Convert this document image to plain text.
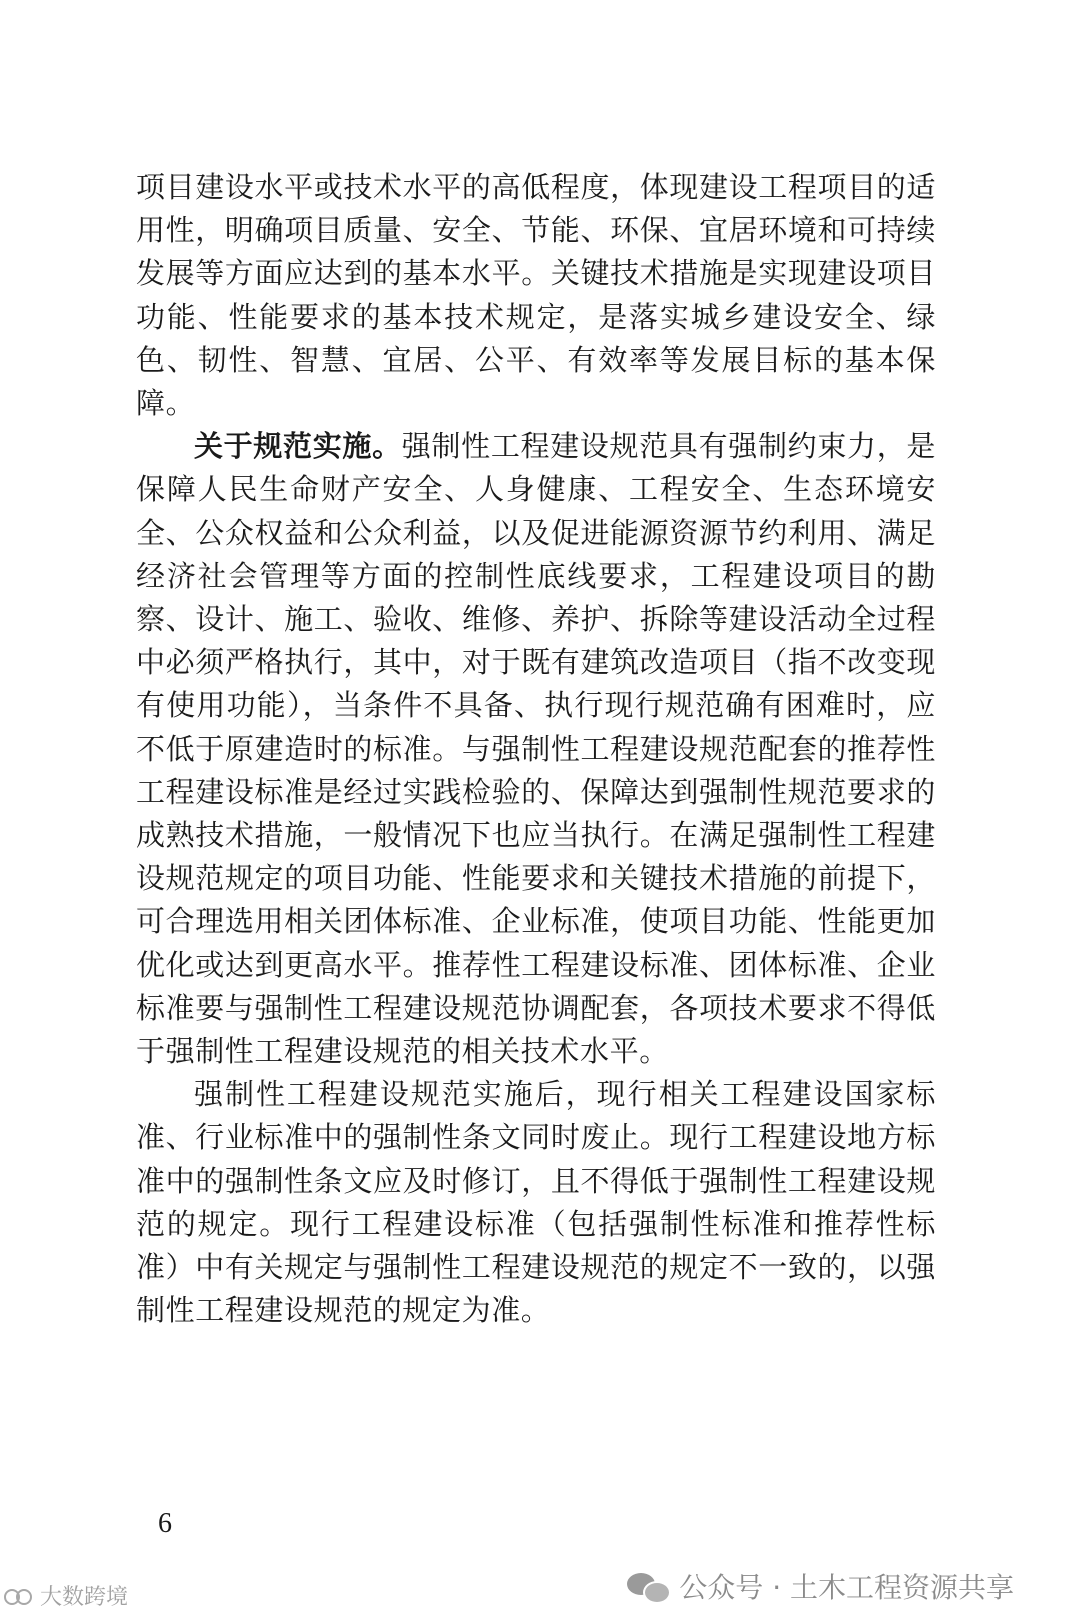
项目建设水平或技术水平的高低程度，体现建设工程项目的适用性，明确项目质量、安全、节能、环保、宜居环境和可持续发展等方面应达到的基本水平。关键技术措施是实现建设项目功能、性能要求的基本技术规定，是落实城乡建设安全、绿色、韧性、智慧、宜居、公平、有效率等发展目标的基本保障。

关于规范实施。强制性工程建设规范具有强制约束力，是保障人民生命财产安全、人身健康、工程安全、生态环境安全、公众权益和公众利益，以及促进能源资源节约利用、满足经济社会管理等方面的控制性底线要求，工程建设项目的勘察、设计、施工、验收、维修、养护、拆除等建设活动全过程中必须严格执行，其中，对于既有建筑改造项目（指不改变现有使用功能），当条件不具备、执行现行规范确有困难时，应不低于原建造时的标准。与强制性工程建设规范配套的推荐性工程建设标准是经过实践检验的、保障达到强制性规范要求的成熟技术措施，一般情况下也应当执行。在满足强制性工程建设规范规定的项目功能、性能要求和关键技术措施的前提下，可合理选用相关团体标准、企业标准，使项目功能、性能更加优化或达到更高水平。推荐性工程建设标准、团体标准、企业标准要与强制性工程建设规范协调配套，各项技术要求不得低于强制性工程建设规范的相关技术水平。

强制性工程建设规范实施后，现行相关工程建设国家标准、行业标准中的强制性条文同时废止。现行工程建设地方标准中的强制性条文应及时修订，且不得低于强制性工程建设规范的规定。现行工程建设标准（包括强制性标准和推荐性标准）中有关规定与强制性工程建设规范的规定不一致的，以强制性工程建设规范的规定为准。

6
公众号 · 土木工程资源共享
大数跨境
